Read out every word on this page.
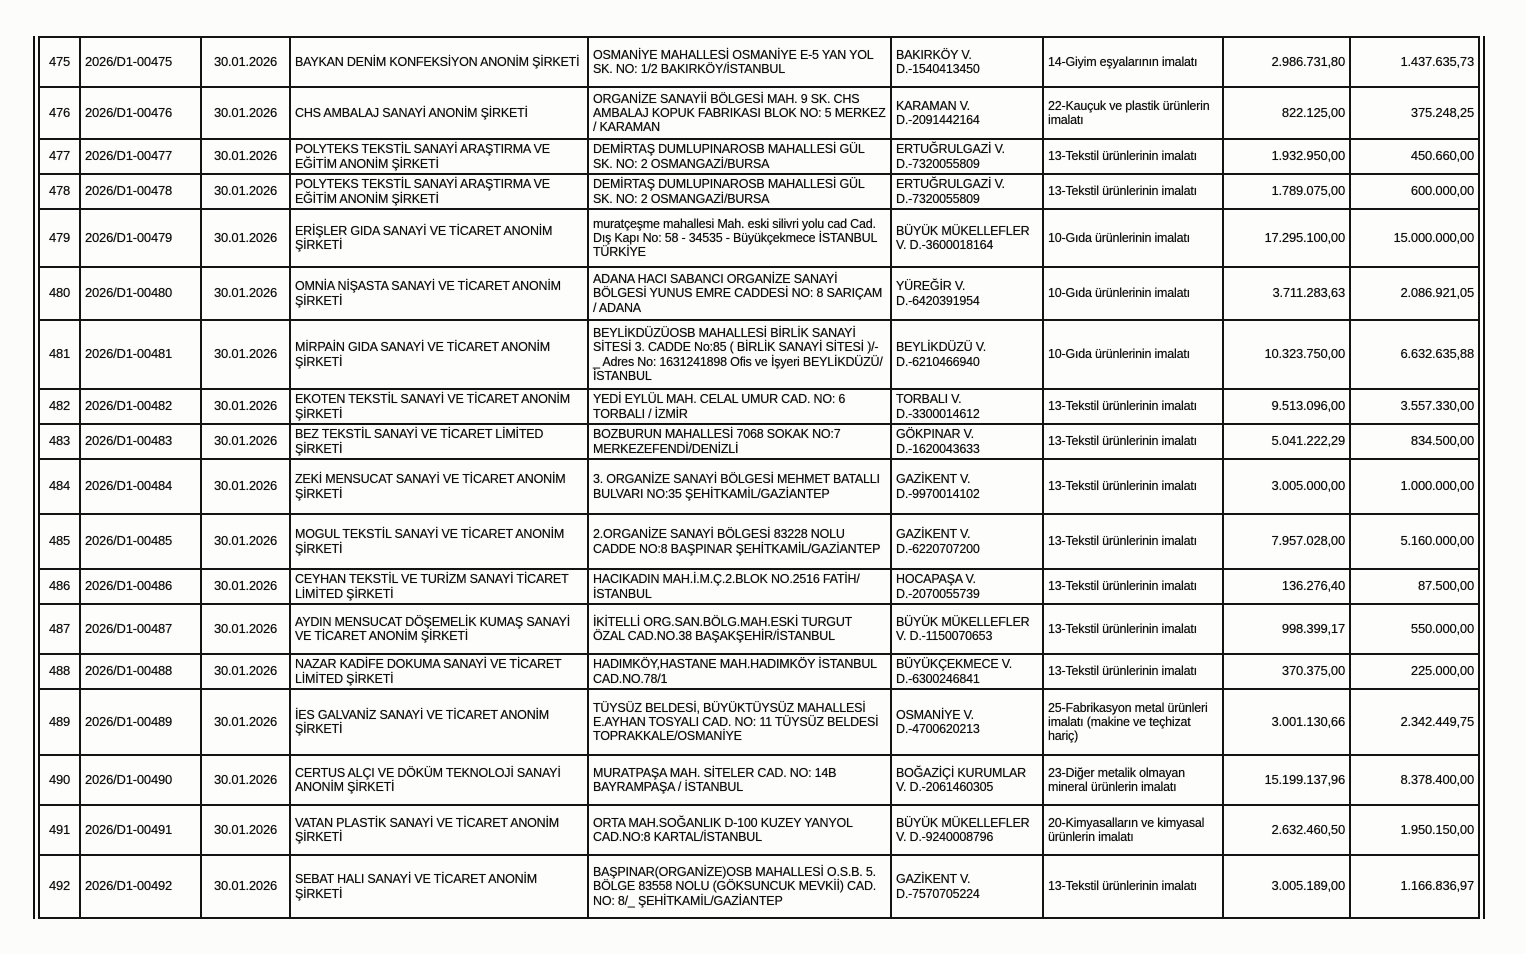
475	2026/D1-00475	30.01.2026	BAYKAN DENİM KONFEKSİYON ANONİM ŞİRKETİ	OSMANİYE MAHALLESİ OSMANİYE E-5 YAN YOL SK. NO: 1/2 BAKIRKÖY/İSTANBUL	BAKIRKÖY V. D.-1540413450	14-Giyim eşyalarının imalatı	2.986.731,80	1.437.635,73
476	2026/D1-00476	30.01.2026	CHS AMBALAJ SANAYİ ANONİM ŞİRKETİ	ORGANİZE SANAYİİ BÖLGESİ MAH. 9 SK. CHS AMBALAJ KOPUK FABRIKASI BLOK NO: 5 MERKEZ / KARAMAN	KARAMAN V. D.-2091442164	22-Kauçuk ve plastik ürünlerin imalatı	822.125,00	375.248,25
477	2026/D1-00477	30.01.2026	POLYTEKS TEKSTİL SANAYİ ARAŞTIRMA VE EĞİTİM ANONİM ŞİRKETİ	DEMİRTAŞ DUMLUPINAROSB MAHALLESİ GÜL SK. NO: 2 OSMANGAZİ/BURSA	ERTUĞRULGAZİ V. D.-7320055809	13-Tekstil ürünlerinin imalatı	1.932.950,00	450.660,00
478	2026/D1-00478	30.01.2026	POLYTEKS TEKSTİL SANAYİ ARAŞTIRMA VE EĞİTİM ANONİM ŞİRKETİ	DEMİRTAŞ DUMLUPINAROSB MAHALLESİ GÜL SK. NO: 2 OSMANGAZİ/BURSA	ERTUĞRULGAZİ V. D.-7320055809	13-Tekstil ürünlerinin imalatı	1.789.075,00	600.000,00
479	2026/D1-00479	30.01.2026	ERİŞLER GIDA SANAYİ VE TİCARET ANONİM ŞİRKETİ	muratçeşme mahallesi Mah. eski silivri yolu cad Cad. Dış Kapı No: 58 - 34535 - Büyükçekmece İSTANBUL TÜRKİYE	BÜYÜK MÜKELLEFLER V. D.-3600018164	10-Gıda ürünlerinin imalatı	17.295.100,00	15.000.000,00
480	2026/D1-00480	30.01.2026	OMNİA NİŞASTA SANAYİ VE TİCARET ANONİM ŞİRKETİ	ADANA HACI SABANCI ORGANİZE SANAYİ BÖLGESİ YUNUS EMRE CADDESİ NO: 8 SARIÇAM / ADANA	YÜREĞİR V. D.-6420391954	10-Gıda ürünlerinin imalatı	3.711.283,63	2.086.921,05
481	2026/D1-00481	30.01.2026	MİRPAİN GIDA SANAYİ VE TİCARET ANONİM ŞİRKETİ	BEYLİKDÜZÜOSB MAHALLESİ BİRLİK SANAYİ SİTESİ 3. CADDE No:85 ( BİRLİK SANAYİ SİTESİ )/- _ Adres No: 1631241898 Ofis ve İşyeri BEYLİKDÜZÜ/İSTANBUL	BEYLİKDÜZÜ V. D.-6210466940	10-Gıda ürünlerinin imalatı	10.323.750,00	6.632.635,88
482	2026/D1-00482	30.01.2026	EKOTEN TEKSTİL SANAYİ VE TİCARET ANONİM ŞİRKETİ	YEDİ EYLÜL MAH. CELAL UMUR CAD. NO: 6 TORBALI / İZMİR	TORBALI V. D.-3300014612	13-Tekstil ürünlerinin imalatı	9.513.096,00	3.557.330,00
483	2026/D1-00483	30.01.2026	BEZ TEKSTİL SANAYİ VE TİCARET LİMİTED ŞİRKETİ	BOZBURUN MAHALLESİ 7068 SOKAK NO:7 MERKEZEFENDİ/DENİZLİ	GÖKPINAR V. D.-1620043633	13-Tekstil ürünlerinin imalatı	5.041.222,29	834.500,00
484	2026/D1-00484	30.01.2026	ZEKİ MENSUCAT SANAYİ VE TİCARET ANONİM ŞİRKETİ	3. ORGANİZE SANAYİ BÖLGESİ MEHMET BATALLI BULVARI NO:35 ŞEHİTKAMİL/GAZİANTEP	GAZİKENT V. D.-9970014102	13-Tekstil ürünlerinin imalatı	3.005.000,00	1.000.000,00
485	2026/D1-00485	30.01.2026	MOGUL TEKSTİL SANAYİ VE TİCARET ANONİM ŞİRKETİ	2.ORGANİZE SANAYİ BÖLGESİ 83228 NOLU CADDE NO:8 BAŞPINAR ŞEHİTKAMİL/GAZİANTEP	GAZİKENT V. D.-6220707200	13-Tekstil ürünlerinin imalatı	7.957.028,00	5.160.000,00
486	2026/D1-00486	30.01.2026	CEYHAN TEKSTİL VE TURİZM SANAYİ TİCARET LİMİTED ŞİRKETİ	HACIKADIN MAH.İ.M.Ç.2.BLOK NO.2516 FATİH/İSTANBUL	HOCAPAŞA V. D.-2070055739	13-Tekstil ürünlerinin imalatı	136.276,40	87.500,00
487	2026/D1-00487	30.01.2026	AYDIN MENSUCAT DÖŞEMELİK KUMAŞ SANAYİ VE TİCARET ANONİM ŞİRKETİ	İKİTELLİ ORG.SAN.BÖLG.MAH.ESKİ TURGUT ÖZAL CAD.NO.38 BAŞAKŞEHİR/İSTANBUL	BÜYÜK MÜKELLEFLER V. D.-1150070653	13-Tekstil ürünlerinin imalatı	998.399,17	550.000,00
488	2026/D1-00488	30.01.2026	NAZAR KADİFE DOKUMA SANAYİ VE TİCARET LİMİTED ŞİRKETİ	HADIMKÖY,HASTANE MAH.HADIMKÖY İSTANBUL CAD.NO.78/1	BÜYÜKÇEKMECE V. D.-6300246841	13-Tekstil ürünlerinin imalatı	370.375,00	225.000,00
489	2026/D1-00489	30.01.2026	İES GALVANİZ SANAYİ VE TİCARET ANONİM ŞİRKETİ	TÜYSÜZ BELDESİ, BÜYÜKTÜYSÜZ MAHALLESİ E.AYHAN TOSYALI CAD. NO: 11 TÜYSÜZ BELDESİ TOPRAKKALE/OSMANİYE	OSMANİYE V. D.-4700620213	25-Fabrikasyon metal ürünleri imalatı (makine ve teçhizat hariç)	3.001.130,66	2.342.449,75
490	2026/D1-00490	30.01.2026	CERTUS ALÇI VE DÖKÜM TEKNOLOJİ SANAYİ ANONİM ŞİRKETİ	MURATPAŞA MAH. SİTELER CAD. NO: 14B BAYRAMPAŞA / İSTANBUL	BOĞAZİÇİ KURUMLAR V. D.-2061460305	23-Diğer metalik olmayan mineral ürünlerin imalatı	15.199.137,96	8.378.400,00
491	2026/D1-00491	30.01.2026	VATAN PLASTİK SANAYİ VE TİCARET ANONİM ŞİRKETİ	ORTA MAH.SOĞANLIK D-100 KUZEY YANYOL CAD.NO:8 KARTAL/İSTANBUL	BÜYÜK MÜKELLEFLER V. D.-9240008796	20-Kimyasalların ve kimyasal ürünlerin imalatı	2.632.460,50	1.950.150,00
492	2026/D1-00492	30.01.2026	SEBAT HALI SANAYİ VE TİCARET ANONİM ŞİRKETİ	BAŞPINAR(ORGANİZE)OSB MAHALLESİ O.S.B. 5. BÖLGE 83558 NOLU (GÖKSUNCUK MEVKİİ) CAD. NO: 8/_ ŞEHİTKAMİL/GAZİANTEP	GAZİKENT V. D.-7570705224	13-Tekstil ürünlerinin imalatı	3.005.189,00	1.166.836,97
